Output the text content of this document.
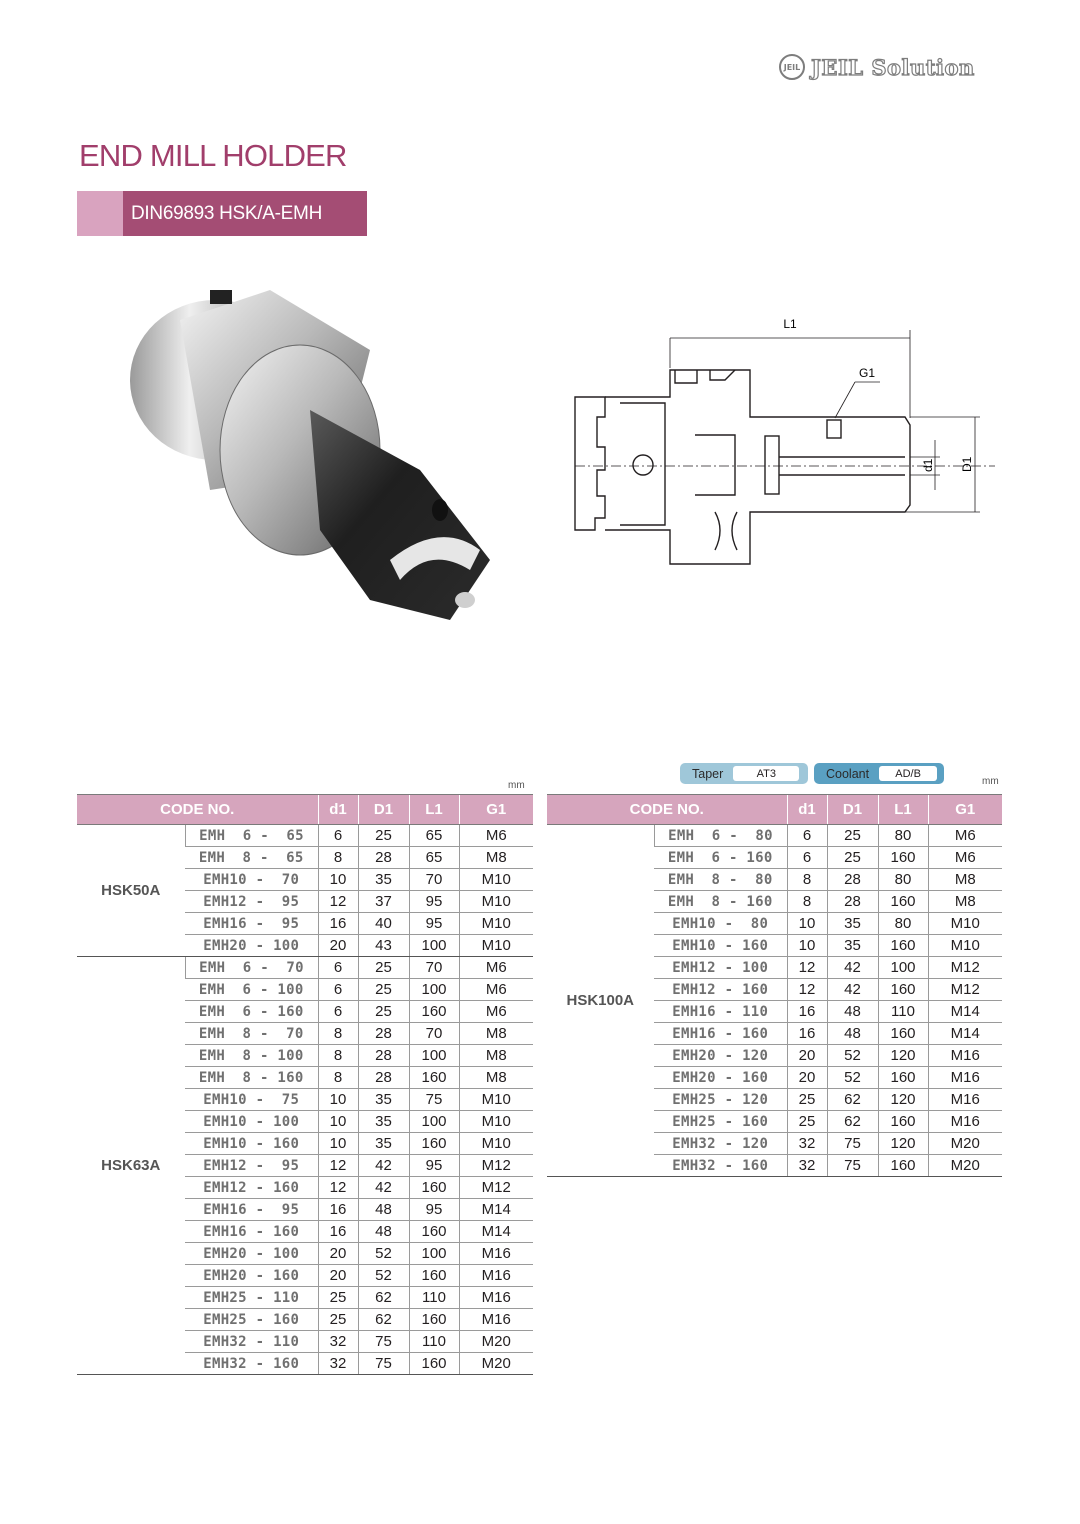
JEIL JEIL Solution
END MILL HOLDER
DIN69893 HSK/A-EMH
L1
G1
d1 D1
Taper	AT3	Coolant	AD/B
mm	mm
CODE NO.		d1	D1	L1	G1
HSK50A	EMH  6 -  65	6	25	65	M6
	EMH  8 -  65	8	28	65	M8
	EMH10 -  70	10	35	70	M10
	EMH12 -  95	12	37	95	M10
	EMH16 -  95	16	40	95	M10
	EMH20 - 100	20	43	100	M10
HSK63A	EMH  6 -  70	6	25	70	M6
	EMH  6 - 100	6	25	100	M6
	EMH  6 - 160	6	25	160	M6
	EMH  8 -  70	8	28	70	M8
	EMH  8 - 100	8	28	100	M8
	EMH  8 - 160	8	28	160	M8
	EMH10 -  75	10	35	75	M10
	EMH10 - 100	10	35	100	M10
	EMH10 - 160	10	35	160	M10
	EMH12 -  95	12	42	95	M12
	EMH12 - 160	12	42	160	M12
	EMH16 -  95	16	48	95	M14
	EMH16 - 160	16	48	160	M14
	EMH20 - 100	20	52	100	M16
	EMH20 - 160	20	52	160	M16
	EMH25 - 110	25	62	110	M16
	EMH25 - 160	25	62	160	M16
	EMH32 - 110	32	75	110	M20
	EMH32 - 160	32	75	160	M20
CODE NO.		d1	D1	L1	G1
HSK100A	EMH  6 -  80	6	25	80	M6
	EMH  6 - 160	6	25	160	M6
	EMH  8 -  80	8	28	80	M8
	EMH  8 - 160	8	28	160	M8
	EMH10 -  80	10	35	80	M10
	EMH10 - 160	10	35	160	M10
	EMH12 - 100	12	42	100	M12
	EMH12 - 160	12	42	160	M12
	EMH16 - 110	16	48	110	M14
	EMH16 - 160	16	48	160	M14
	EMH20 - 120	20	52	120	M16
	EMH20 - 160	20	52	160	M16
	EMH25 - 120	25	62	120	M16
	EMH25 - 160	25	62	160	M16
	EMH32 - 120	32	75	120	M20
	EMH32 - 160	32	75	160	M20
